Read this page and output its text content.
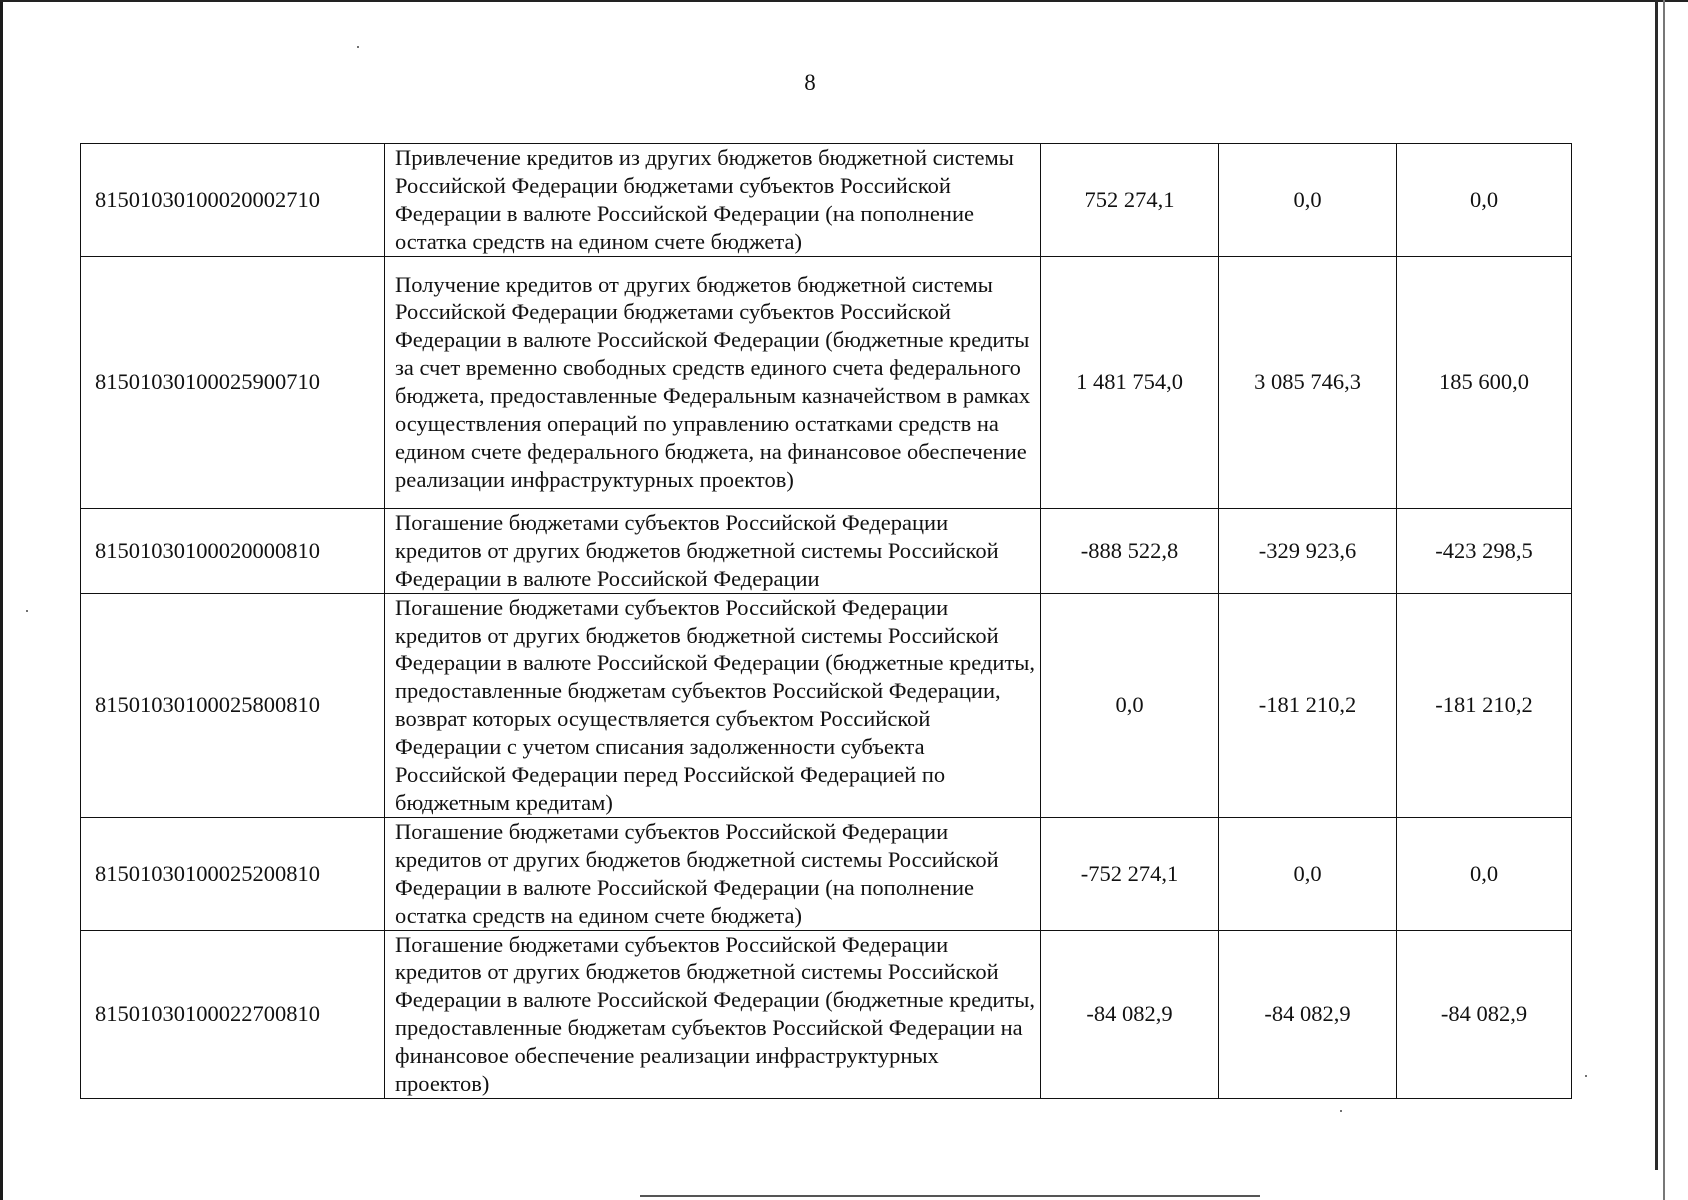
8
81501030100020002710	Привлечение кредитов из других бюджетов бюджетной системы Российской Федерации бюджетами субъектов Российской Федерации в валюте Российской Федерации (на пополнение остатка средств на едином счете бюджета)	752 274,1	0,0	0,0
81501030100025900710	Получение кредитов от других бюджетов бюджетной системы Российской Федерации бюджетами субъектов Российской Федерации в валюте Российской Федерации (бюджетные кредиты за счет временно свободных средств единого счета федерального бюджета, предоставленные Федеральным казначейством в рамках осуществления операций по управлению остатками средств на едином счете федерального бюджета, на финансовое обеспечение реализации инфраструктурных проектов)	1 481 754,0	3 085 746,3	185 600,0
81501030100020000810	Погашение бюджетами субъектов Российской Федерации кредитов от других бюджетов бюджетной системы Российской Федерации в валюте Российской Федерации	-888 522,8	-329 923,6	-423 298,5
81501030100025800810	Погашение бюджетами субъектов Российской Федерации кредитов от других бюджетов бюджетной системы Российской Федерации в валюте Российской Федерации (бюджетные кредиты, предоставленные бюджетам субъектов Российской Федерации, возврат которых осуществляется субъектом Российской Федерации с учетом списания задолженности субъекта Российской Федерации перед Российской Федерацией по бюджетным кредитам)	0,0	-181 210,2	-181 210,2
81501030100025200810	Погашение бюджетами субъектов Российской Федерации кредитов от других бюджетов бюджетной системы Российской Федерации в валюте Российской Федерации (на пополнение остатка средств на едином счете бюджета)	-752 274,1	0,0	0,0
81501030100022700810	Погашение бюджетами субъектов Российской Федерации кредитов от других бюджетов бюджетной системы Российской Федерации в валюте Российской Федерации (бюджетные кредиты, предоставленные бюджетам субъектов Российской Федерации на финансовое обеспечение реализации инфраструктурных проектов)	-84 082,9	-84 082,9	-84 082,9
